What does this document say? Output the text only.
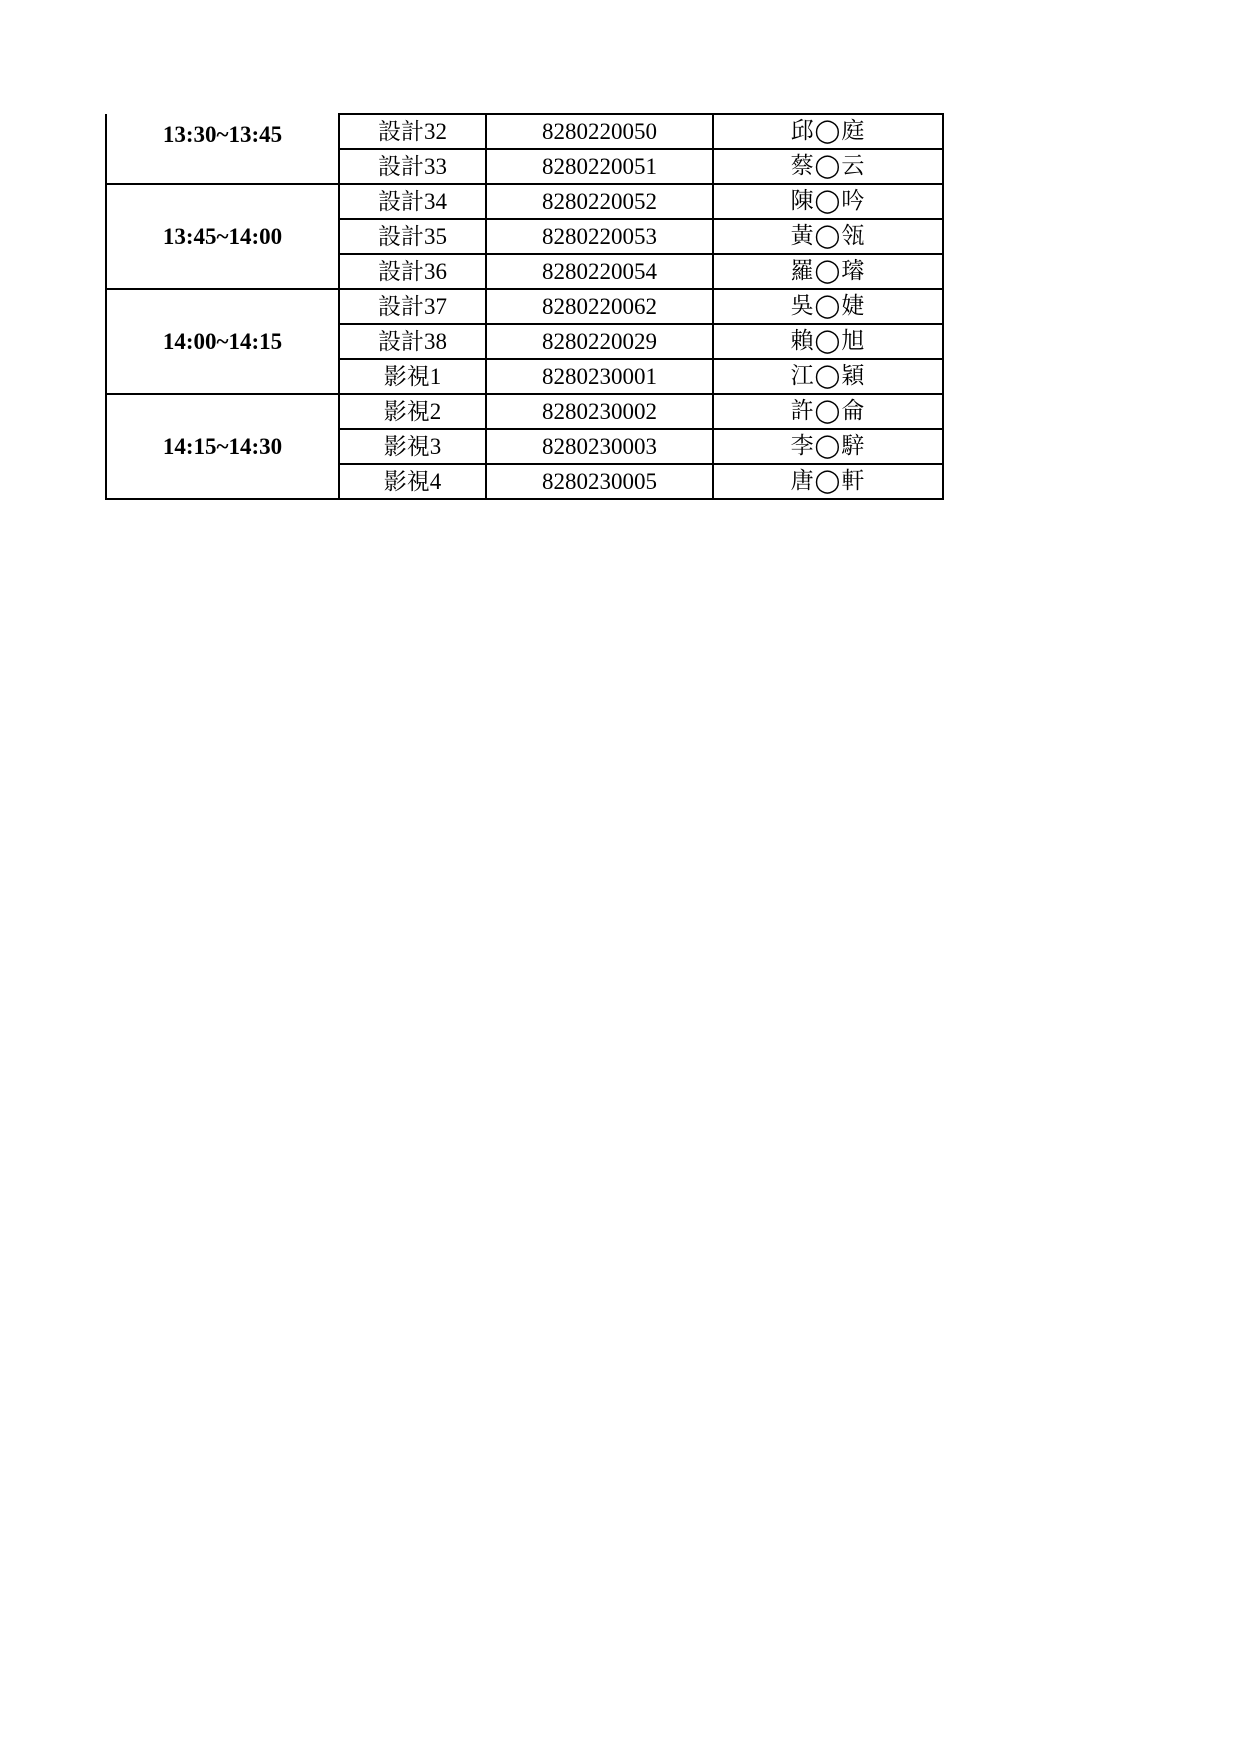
13:30~13:45	設計32	8280220050	邱◯庭
	設計33	8280220051	蔡◯云
13:45~14:00	設計34	8280220052	陳◯吟
	設計35	8280220053	黃◯瓴
	設計36	8280220054	羅◯璿
14:00~14:15	設計37	8280220062	吳◯婕
	設計38	8280220029	賴◯旭
	影視1	8280230001	江◯穎
14:15~14:30	影視2	8280230002	許◯侖
	影視3	8280230003	李◯騂
	影視4	8280230005	唐◯軒
